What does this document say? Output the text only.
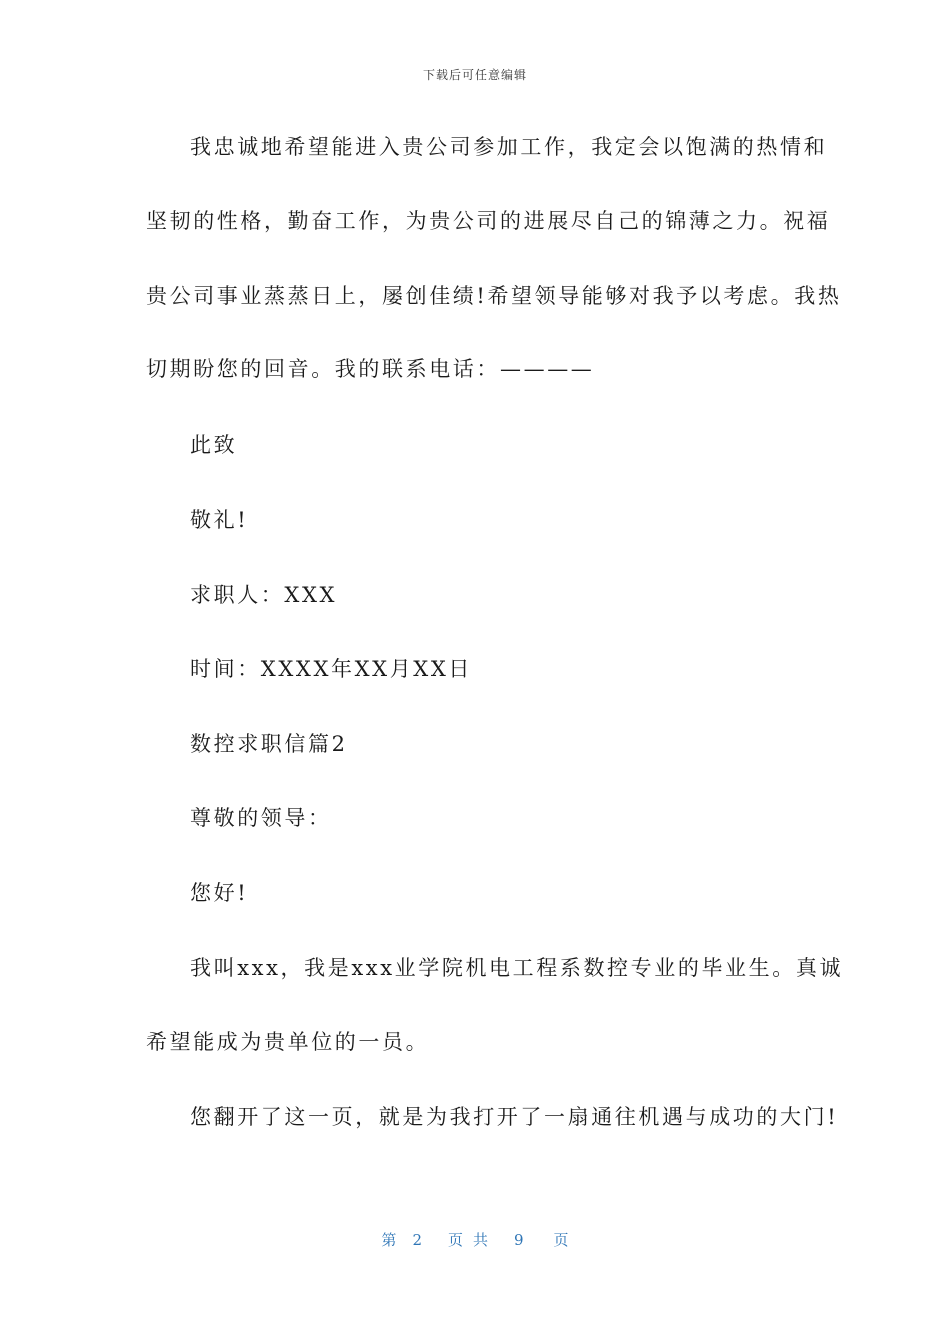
下载后可任意编辑
我忠诚地希望能进入贵公司参加工作，我定会以饱满的热情和
坚韧的性格，勤奋工作，为贵公司的进展尽自己的锦薄之力。祝福
贵公司事业蒸蒸日上，屡创佳绩!希望领导能够对我予以考虑。我热
切期盼您的回音。我的联系电话：————
此致
敬礼!
求职人：XXX
时间：XXXX年XX月XX日
数控求职信篇2
尊敬的领导：
您好!
我叫xxx，我是xxx业学院机电工程系数控专业的毕业生。真诚
希望能成为贵单位的一员。
您翻开了这一页，就是为我打开了一扇通往机遇与成功的大门!
第 2 页共 9 页
